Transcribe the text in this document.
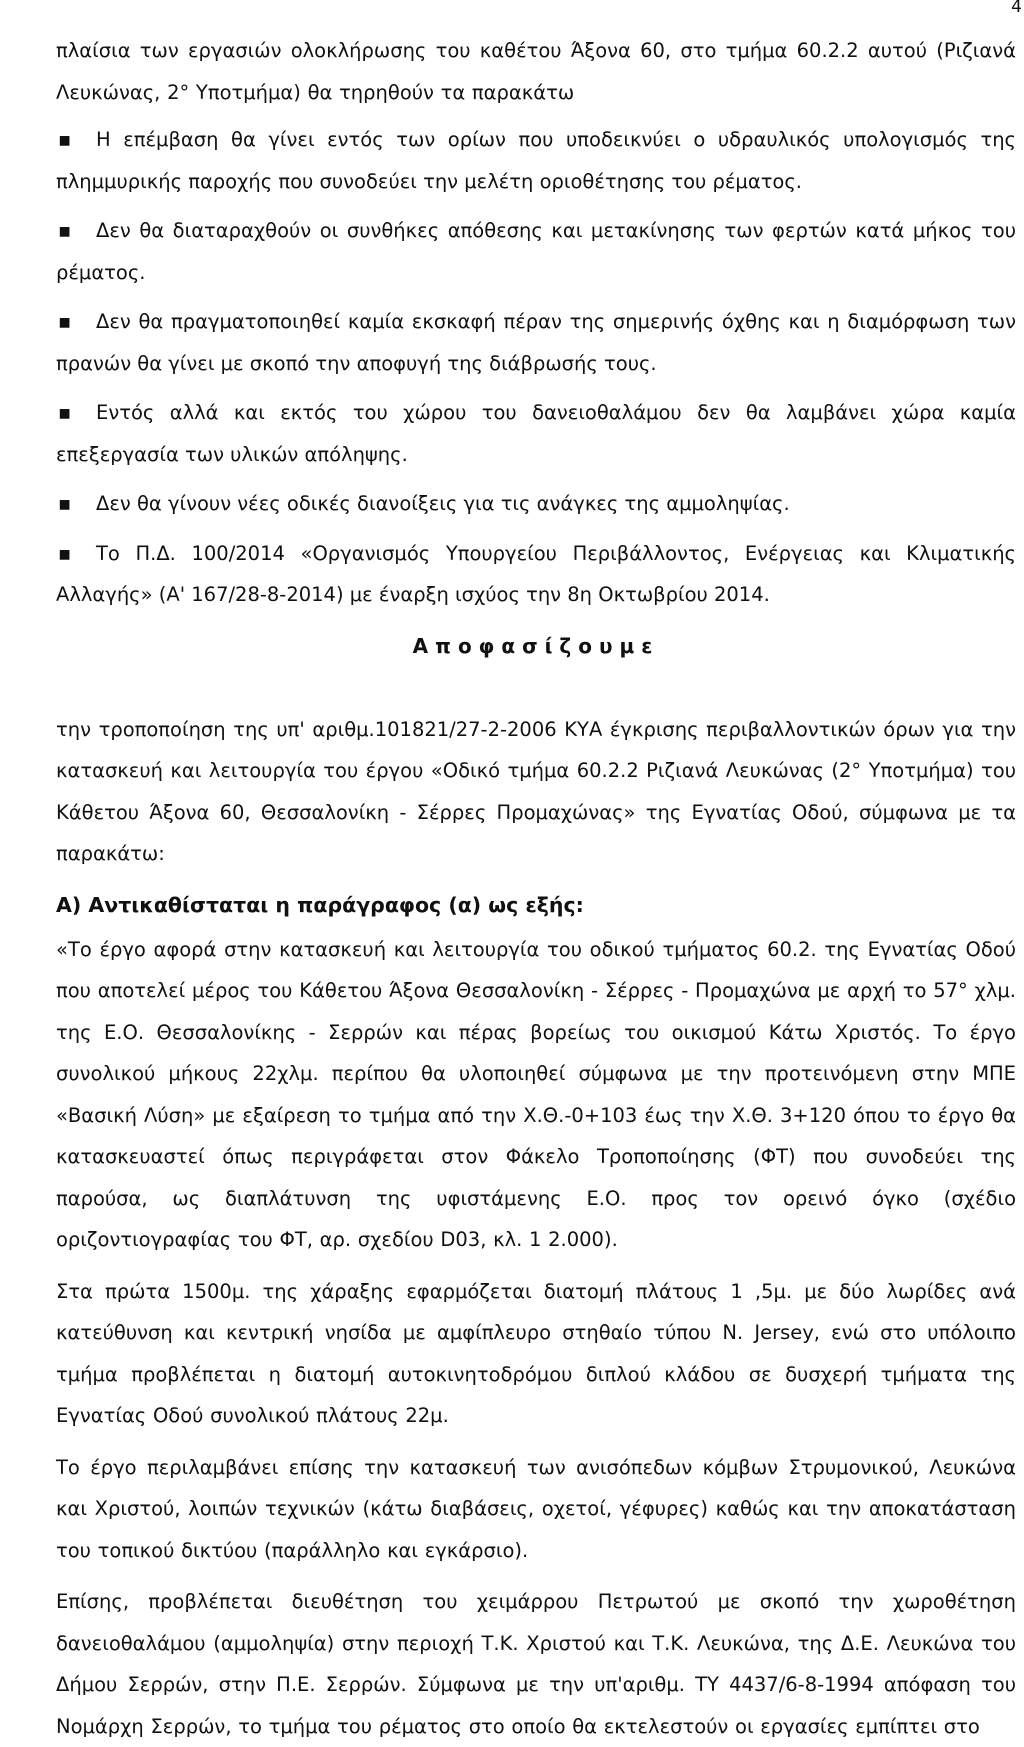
4

πλαίσια των εργασιών ολοκλήρωσης του καθέτου Άξονα 60, στο τμήμα 60.2.2 αυτού (Ριζιανά Λευκώνας, 2° Υποτμήμα) θα τηρηθούν τα παρακάτω

▪ Η επέμβαση θα γίνει εντός των ορίων που υποδεικνύει ο υδραυλικός υπολογισμός της πλημμυρικής παροχής που συνοδεύει την μελέτη οριοθέτησης του ρέματος.
▪ Δεν θα διαταραχθούν οι συνθήκες απόθεσης και μετακίνησης των φερτών κατά μήκος του ρέματος.
▪ Δεν θα πραγματοποιηθεί καμία εκσκαφή πέραν της σημερινής όχθης και η διαμόρφωση των πρανών θα γίνει με σκοπό την αποφυγή της διάβρωσής τους.
▪ Εντός αλλά και εκτός του χώρου του δανειοθαλάμου δεν θα λαμβάνει χώρα καμία επεξεργασία των υλικών απόληψης.
▪ Δεν θα γίνουν νέες οδικές διανοίξεις για τις ανάγκες της αμμοληψίας.
▪ Το Π.Δ. 100/2014 «Οργανισμός Υπουργείου Περιβάλλοντος, Ενέργειας και Κλιματικής Αλλαγής» (Α' 167/28-8-2014) με έναρξη ισχύος την 8η Οκτωβρίου 2014.
Αποφασίζουμε

την τροποποίηση της υπ' αριθμ.101821/27-2-2006 ΚΥΑ έγκρισης περιβαλλοντικών όρων για την κατασκευή και λειτουργία του έργου «Οδικό τμήμα 60.2.2 Ριζιανά Λευκώνας (2° Υποτμήμα) του Κάθετου Άξονα 60, Θεσσαλονίκη - Σέρρες Προμαχώνας» της Εγνατίας Οδού, σύμφωνα με τα παρακάτω:

Α) Αντικαθίσταται η παράγραφος (α) ως εξής:

«Το έργο αφορά στην κατασκευή και λειτουργία του οδικού τμήματος 60.2. της Εγνατίας Οδού που αποτελεί μέρος του Κάθετου Άξονα Θεσσαλονίκη - Σέρρες - Προμαχώνα με αρχή το 57° χλμ. της Ε.Ο. Θεσσαλονίκης - Σερρών και πέρας βορείως του οικισμού Κάτω Χριστός. Το έργο συνολικού μήκους 22χλμ. περίπου θα υλοποιηθεί σύμφωνα με την προτεινόμενη στην ΜΠΕ «Βασική Λύση» με εξαίρεση το τμήμα από την Χ.Θ.-0+103 έως την Χ.Θ. 3+120 όπου το έργο θα κατασκευαστεί όπως περιγράφεται στον Φάκελο Τροποποίησης (ΦΤ) που συνοδεύει της παρούσα, ως διαπλάτυνση της υφιστάμενης Ε.Ο. προς τον ορεινό όγκο (σχέδιο οριζοντιογραφίας του ΦΤ, αρ. σχεδίου D03, κλ. 1 2.000).

Στα πρώτα 1500μ. της χάραξης εφαρμόζεται διατομή πλάτους 1 ,5μ. με δύο λωρίδες ανά κατεύθυνση και κεντρική νησίδα με αμφίπλευρο στηθαίο τύπου N. Jersey, ενώ στο υπόλοιπο τμήμα προβλέπεται η διατομή αυτοκινητοδρόμου διπλού κλάδου σε δυσχερή τμήματα της Εγνατίας Οδού συνολικού πλάτους 22μ.

Το έργο περιλαμβάνει επίσης την κατασκευή των ανισόπεδων κόμβων Στρυμονικού, Λευκώνα και Χριστού, λοιπών τεχνικών (κάτω διαβάσεις, οχετοί, γέφυρες) καθώς και την αποκατάσταση του τοπικού δικτύου (παράλληλο και εγκάρσιο).

Επίσης, προβλέπεται διευθέτηση του χειμάρρου Πετρωτού με σκοπό την χωροθέτηση δανειοθαλάμου (αμμοληψία) στην περιοχή Τ.Κ. Χριστού και Τ.Κ. Λευκώνα, της Δ.Ε. Λευκώνα του Δήμου Σερρών, στην Π.Ε. Σερρών. Σύμφωνα με την υπ'αριθμ. ΤΥ 4437/6-8-1994 απόφαση του Νομάρχη Σερρών, το τμήμα του ρέματος στο οποίο θα εκτελεστούν οι εργασίες εμπίπτει στο
